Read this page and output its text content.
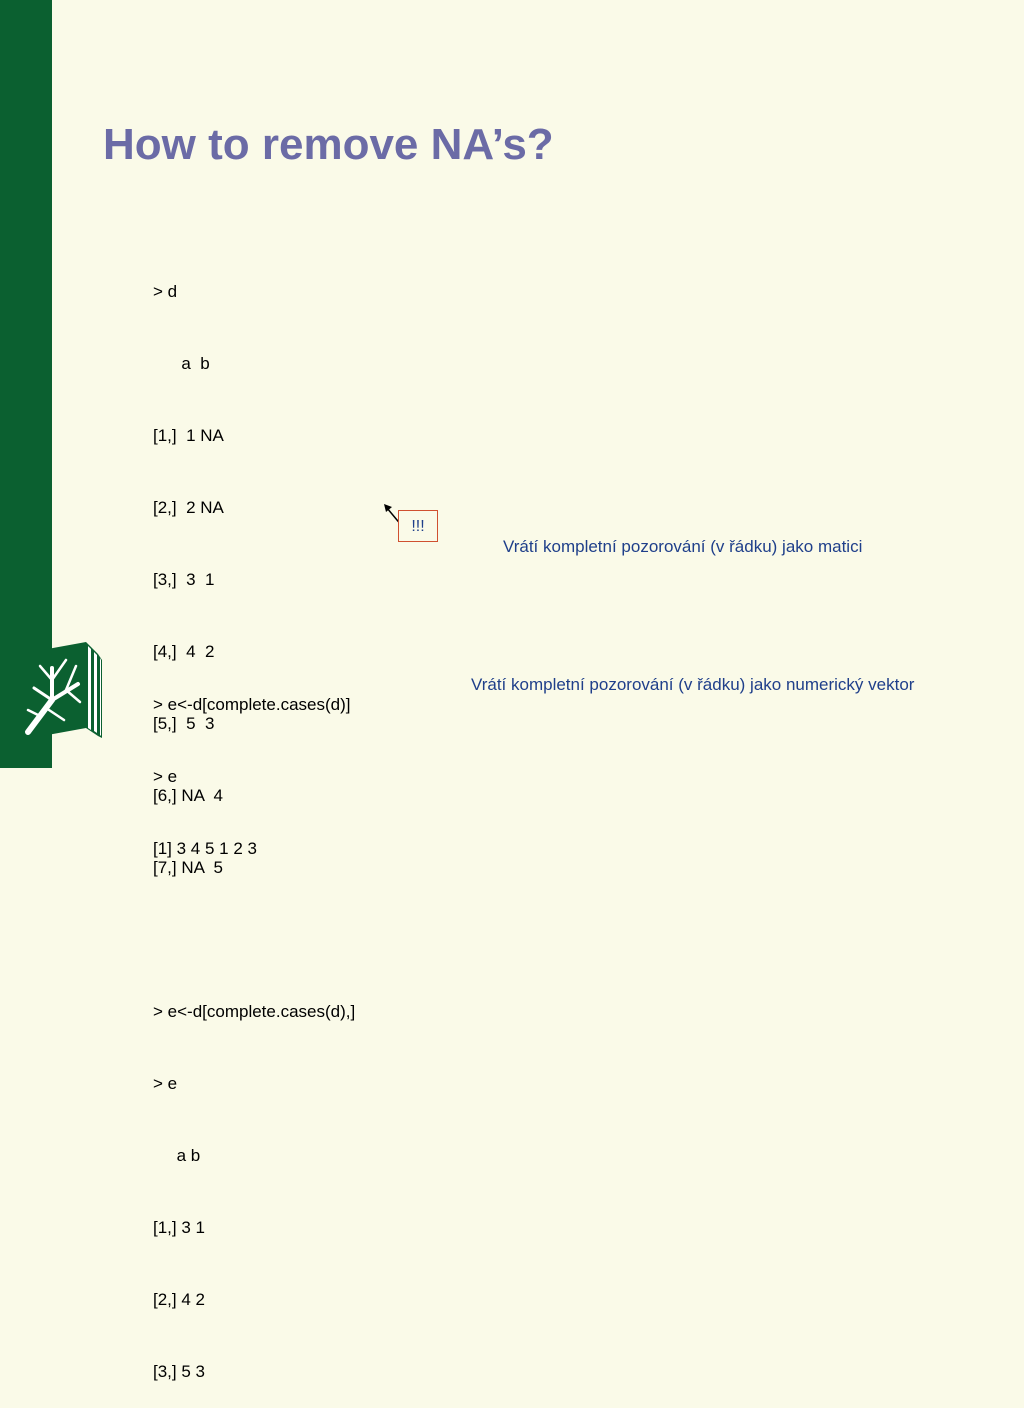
How to remove NA’s?

> d

a  b

[1,]  1 NA

[2,]  2 NA

[3,]  3  1

[4,]  4  2

[5,]  5  3

[6,] NA  4

[7,] NA  5

> e<-d[complete.cases(d),]

> e

a b

[1,] 3 1

[2,] 4 2

[3,] 5 3

!!!
Vrátí kompletní pozorování (v řádku) jako matici

> e<-d[complete.cases(d)]

> e

[1] 3 4 5 1 2 3

Vrátí kompletní pozorování (v řádku) jako numerický vektor
